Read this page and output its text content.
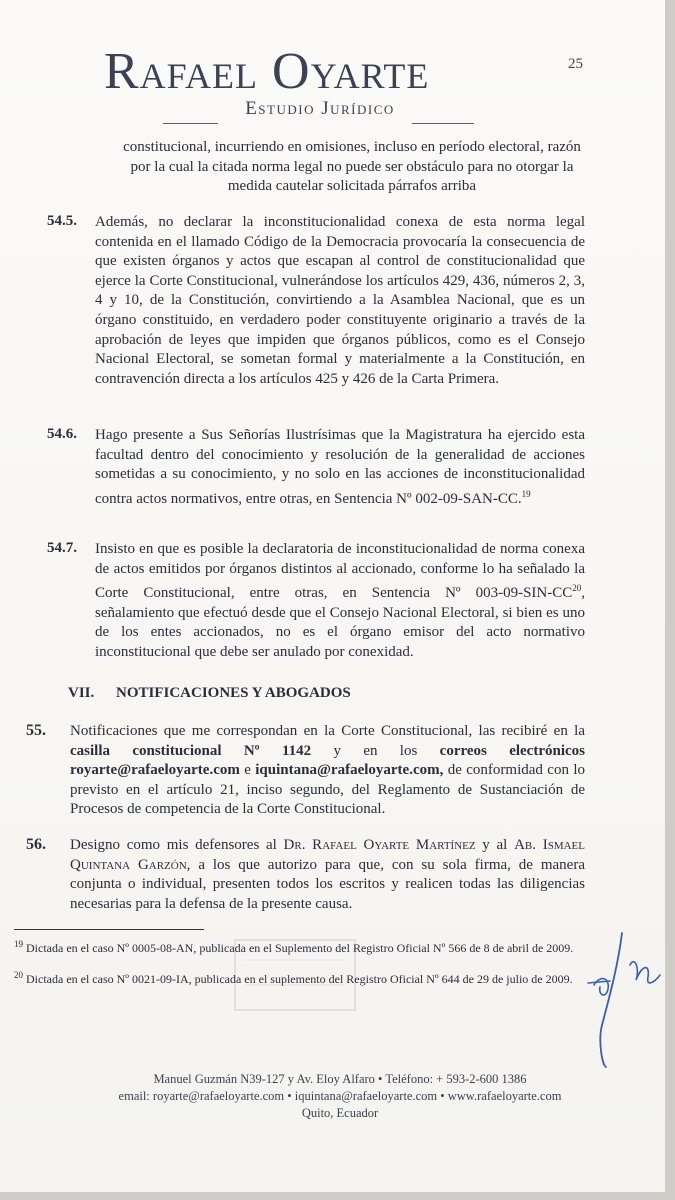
Rafael Oyarte
Estudio Jurídico
25
constitucional, incurriendo en omisiones, incluso en período electoral, razón por la cual la citada norma legal no puede ser obstáculo para no otorgar la medida cautelar solicitada párrafos arriba
54.5. Además, no declarar la inconstitucionalidad conexa de esta norma legal contenida en el llamado Código de la Democracia provocaría la consecuencia de que existen órganos y actos que escapan al control de constitucionalidad que ejerce la Corte Constitucional, vulnerándose los artículos 429, 436, números 2, 3, 4 y 10, de la Constitución, convirtiendo a la Asamblea Nacional, que es un órgano constituido, en verdadero poder constituyente originario a través de la aprobación de leyes que impiden que órganos públicos, como es el Consejo Nacional Electoral, se sometan formal y materialmente a la Constitución, en contravención directa a los artículos 425 y 426 de la Carta Primera.
54.6. Hago presente a Sus Señorías Ilustrísimas que la Magistratura ha ejercido esta facultad dentro del conocimiento y resolución de la generalidad de acciones sometidas a su conocimiento, y no solo en las acciones de inconstitucionalidad contra actos normativos, entre otras, en Sentencia Nº 002-09-SAN-CC.$^{19}$
54.7. Insisto en que es posible la declaratoria de inconstitucionalidad de norma conexa de actos emitidos por órganos distintos al accionado, conforme lo ha señalado la Corte Constitucional, entre otras, en Sentencia Nº 003-09-SIN-CC$^{20}$, señalamiento que efectuó desde que el Consejo Nacional Electoral, si bien es uno de los entes accionados, no es el órgano emisor del acto normativo inconstitucional que debe ser anulado por conexidad.
VII. NOTIFICACIONES Y ABOGADOS
55. Notificaciones que me correspondan en la Corte Constitucional, las recibiré en la casilla constitucional Nº 1142 y en los correos electrónicos royarte@rafaeloyarte.com e iquintana@rafaeloyarte.com, de conformidad con lo previsto en el artículo 21, inciso segundo, del Reglamento de Sustanciación de Procesos de competencia de la Corte Constitucional.
56. Designo como mis defensores al Dr. Rafael Oyarte Martínez y al Ab. Ismael Quintana Garzón, a los que autorizo para que, con su sola firma, de manera conjunta o individual, presenten todos los escritos y realicen todas las diligencias necesarias para la defensa de la presente causa.
$^{19}$ Dictada en el caso Nº 0005-08-AN, publicada en el Suplemento del Registro Oficial Nº 566 de 8 de abril de 2009.
$^{20}$ Dictada en el caso Nº 0021-09-IA, publicada en el suplemento del Registro Oficial Nº 644 de 29 de julio de 2009.
Manuel Guzmán N39-127 y Av. Eloy Alfaro • Teléfono: + 593-2-600 1386
email: royarte@rafaeloyarte.com • iquintana@rafaeloyarte.com • www.rafaeloyarte.com
Quito, Ecuador
